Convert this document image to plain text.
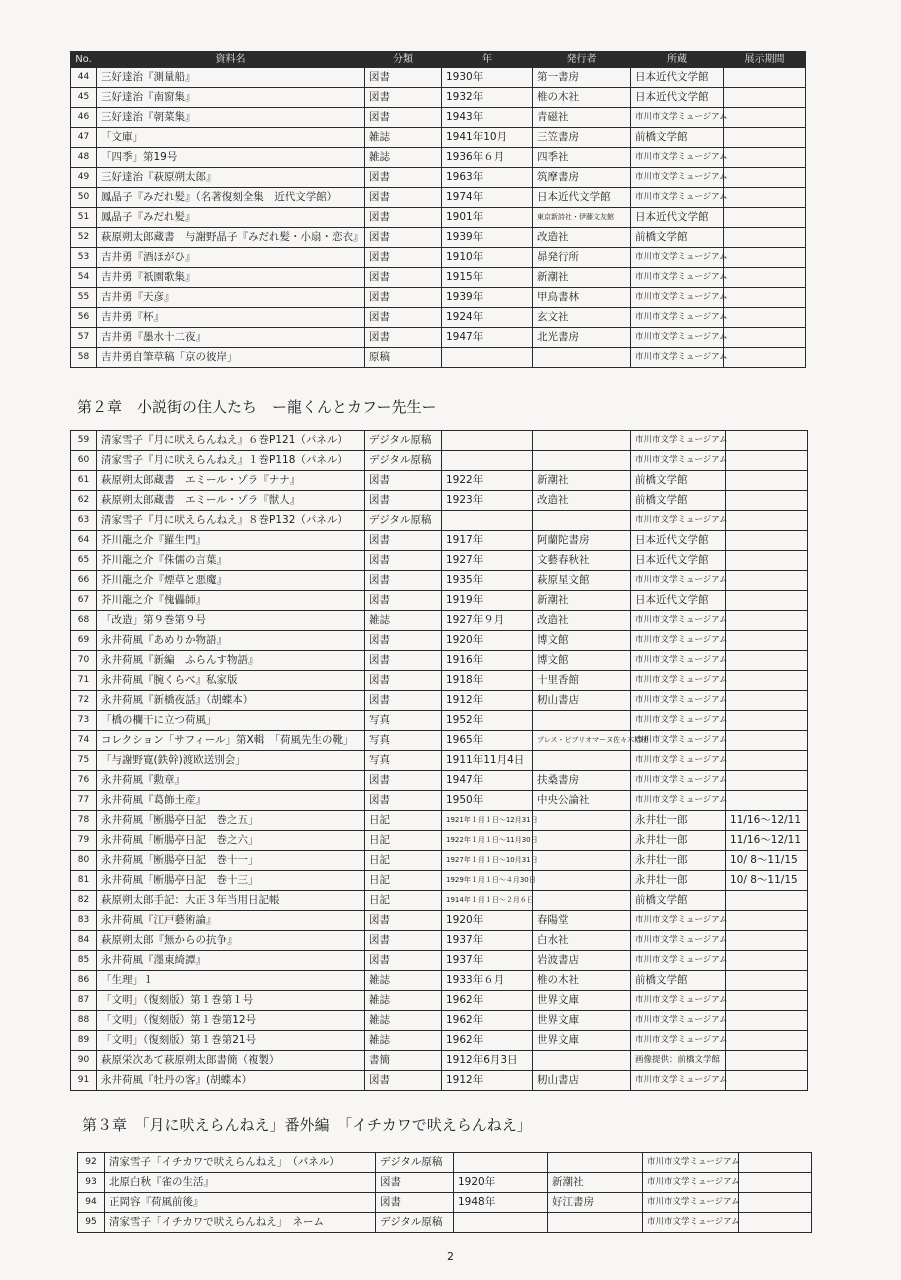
No.	資料名	分類	年	発行者	所蔵	展示期間
44	三好達治『測量船』	図書	1930年	第一書房	日本近代文学館	
45	三好達治『南窗集』	図書	1932年	椎の木社	日本近代文学館	
46	三好達治『朝菜集』	図書	1943年	青磁社	市川市文学ミュージアム	
47	「文庫」	雑誌	1941年10月	三笠書房	前橋文学館	
48	「四季」第19号	雑誌	1936年６月	四季社	市川市文学ミュージアム	
49	三好達治『萩原朔太郎』	図書	1963年	筑摩書房	市川市文学ミュージアム	
50	鳳晶子『みだれ髪』（名著復刻全集　近代文学館）	図書	1974年	日本近代文学館	市川市文学ミュージアム	
51	鳳晶子『みだれ髪』	図書	1901年	東京新詩社・伊藤文友館	日本近代文学館	
52	萩原朔太郎蔵書　与謝野晶子『みだれ髪・小扇・恋衣』	図書	1939年	改造社	前橋文学館	
53	吉井勇『酒ほがひ』	図書	1910年	昴発行所	市川市文学ミュージアム	
54	吉井勇『祇園歌集』	図書	1915年	新潮社	市川市文学ミュージアム	
55	吉井勇『天彦』	図書	1939年	甲鳥書林	市川市文学ミュージアム	
56	吉井勇『杯』	図書	1924年	玄文社	市川市文学ミュージアム	
57	吉井勇『墨水十二夜』	図書	1947年	北光書房	市川市文学ミュージアム	
58	吉井勇自筆草稿「京の彼岸」	原稿			市川市文学ミュージアム	
第２章　小説街の住人たち　ー龍くんとカフー先生ー
59	清家雪子『月に吠えらんねえ』６巻P121（パネル）	デジタル原稿			市川市文学ミュージアム	
60	清家雪子『月に吠えらんねえ』１巻P118（パネル）	デジタル原稿			市川市文学ミュージアム	
61	萩原朔太郎蔵書　エミール・ゾラ『ナナ』	図書	1922年	新潮社	前橋文学館	
62	萩原朔太郎蔵書　エミール・ゾラ『獣人』	図書	1923年	改造社	前橋文学館	
63	清家雪子『月に吠えらんねえ』８巻P132（パネル）	デジタル原稿			市川市文学ミュージアム	
64	芥川龍之介『羅生門』	図書	1917年	阿蘭陀書房	日本近代文学館	
65	芥川龍之介『侏儒の言葉』	図書	1927年	文藝春秋社	日本近代文学館	
66	芥川龍之介『煙草と悪魔』	図書	1935年	萩原星文館	市川市文学ミュージアム	
67	芥川龍之介『傀儡師』	図書	1919年	新潮社	日本近代文学館	
68	「改造」第９巻第９号	雑誌	1927年９月	改造社	市川市文学ミュージアム	
69	永井荷風『あめりか物語』	図書	1920年	博文館	市川市文学ミュージアム	
70	永井荷風『新編　ふらんす物語』	図書	1916年	博文館	市川市文学ミュージアム	
71	永井荷風『腕くらべ』私家版	図書	1918年	十里香館	市川市文学ミュージアム	
72	永井荷風『新橋夜話』（胡蝶本）	図書	1912年	籾山書店	市川市文学ミュージアム	
73	「橋の欄干に立つ荷風」	写真	1952年		市川市文学ミュージアム	
74	コレクション「サフィール」第Ⅹ輯　「荷風先生の靴」	写真	1965年	プレス・ビブリオマーヌ佐々木桔梗	市川市文学ミュージアム	
75	「与謝野寛(鉄幹)渡欧送別会」	写真	1911年11月4日		市川市文学ミュージアム	
76	永井荷風『勲章』	図書	1947年	扶桑書房	市川市文学ミュージアム	
77	永井荷風『葛飾土産』	図書	1950年	中央公論社	市川市文学ミュージアム	
78	永井荷風「断腸亭日記　巻之五」	日記	1921年１月１日～12月31日		永井壮一郎	11/16～12/11
79	永井荷風「断腸亭日記　巻之六」	日記	1922年１月１日～11月30日		永井壮一郎	11/16～12/11
80	永井荷風「断腸亭日記　巻十一」	日記	1927年１月１日～10月31日		永井壮一郎	10/ 8～11/15
81	永井荷風「断腸亭日記　巻十三」	日記	1929年１月１日～４月30日		永井壮一郎	10/ 8～11/15
82	萩原朔太郎手記：大正３年当用日記帳	日記	1914年１月１日～２月６日		前橋文学館	
83	永井荷風『江戸藝術論』	図書	1920年	春陽堂	市川市文学ミュージアム	
84	萩原朔太郎『無からの抗争』	図書	1937年	白水社	市川市文学ミュージアム	
85	永井荷風『濹東綺譚』	図書	1937年	岩波書店	市川市文学ミュージアム	
86	「生理」１	雑誌	1933年６月	椎の木社	前橋文学館	
87	「文明」（復刻版）第１巻第１号	雑誌	1962年	世界文庫	市川市文学ミュージアム	
88	「文明」（復刻版）第１巻第12号	雑誌	1962年	世界文庫	市川市文学ミュージアム	
89	「文明」（復刻版）第１巻第21号	雑誌	1962年	世界文庫	市川市文学ミュージアム	
90	萩原栄次あて萩原朔太郎書簡（複製）	書簡	1912年6月3日		画像提供：前橋文学館	
91	永井荷風『牡丹の客』(胡蝶本）	図書	1912年	籾山書店	市川市文学ミュージアム	
第３章　「月に吠えらんねえ」番外編　「イチカワで吠えらんねえ」
92	清家雪子「イチカワで吠えらんねえ」　（パネル）	デジタル原稿			市川市文学ミュージアム	
93	北原白秋『雀の生活』	図書	1920年	新潮社	市川市文学ミュージアム	
94	正岡容『荷風前後』	図書	1948年	好江書房	市川市文学ミュージアム	
95	清家雪子「イチカワで吠えらんねえ」　ネーム	デジタル原稿			市川市文学ミュージアム	
2
